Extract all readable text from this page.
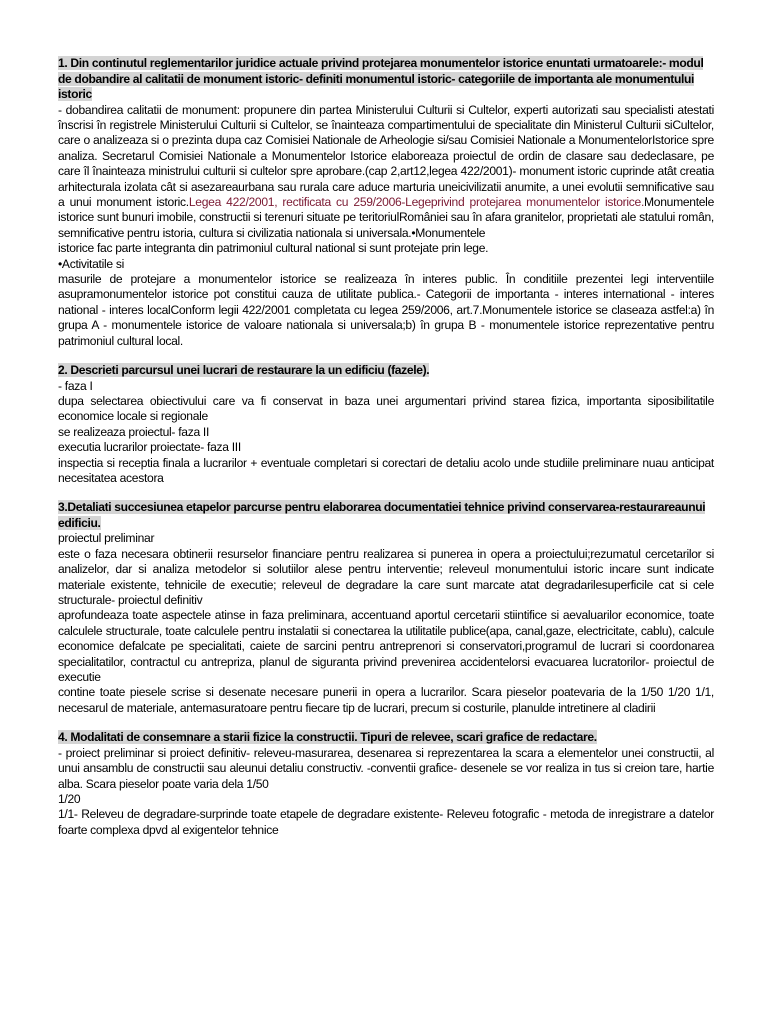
1. Din continutul reglementarilor juridice actuale privind protejarea monumentelor istorice enuntati urmatoarele:- modul de dobandire al calitatii de monument istoric- definiti monumentul istoric- categoriile de importanta ale monumentului istoric

- dobandirea calitatii de monument: propunere din partea Ministerului Culturii si Cultelor, experti autorizati sau specialisti atestati înscrisi în registrele Ministerului Culturii si Cultelor, se înainteaza compartimentului de specialitate din Ministerul Culturii siCultelor, care o analizeaza si o prezinta dupa caz Comisiei Nationale de Arheologie si/sau Comisiei Nationale a MonumentelorIstorice spre analiza. Secretarul Comisiei Nationale a Monumentelor Istorice elaboreaza proiectul de ordin de clasare sau dedeclasare, pe care îl înainteaza ministrului culturii si cultelor spre aprobare.(cap 2,art12,legea 422/2001)- monument istoric cuprinde atât creatia arhitecturala izolata cât si asezareaurbana sau rurala care aduce marturia uneicivilizatii anumite, a unei evolutii semnificative sau a unui monument istoric.Legea 422/2001, rectificata cu 259/2006-Legeprivind protejarea monumentelor istorice.Monumentele istorice sunt bunuri imobile, constructii si terenuri situate pe teritoriulRomâniei sau în afara granitelor, proprietati ale statului român, semnificative pentru istoria, cultura si civilizatia nationala si universala.•Monumentele

istorice fac parte integranta din patrimoniul cultural national si sunt protejate prin lege.

•Activitatile si

masurile de protejare a monumentelor istorice se realizeaza în interes public. În conditiile prezentei legi interventiile asupramonumentelor istorice pot constitui cauza de utilitate publica.- Categorii de importanta - interes international - interes national - interes localConform legii 422/2001 completata cu legea 259/2006, art.7.Monumentele istorice se claseaza astfel:a) în grupa A - monumentele istorice de valoare nationala si universala;b) în grupa B - monumentele istorice reprezentative pentru patrimoniul cultural local.

2. Descrieti parcursul unei lucrari de restaurare la un edificiu (fazele).

- faza I

dupa selectarea obiectivului care va fi conservat in baza unei argumentari privind starea fizica, importanta siposibilitatile economice locale si regionale

se realizeaza proiectul- faza II

executia lucrarilor proiectate- faza III

inspectia si receptia finala a lucrarilor + eventuale completari si corectari de detaliu acolo unde studiile preliminare nuau anticipat necesitatea acestora

3.Detaliati succesiunea etapelor parcurse pentru elaborarea documentatiei tehnice privind conservarea-restaurareaunui edificiu.

proiectul preliminar

este o faza necesara obtinerii resurselor financiare pentru realizarea si punerea in opera a proiectului;rezumatul cercetarilor si analizelor, dar si analiza metodelor si solutiilor alese pentru interventie; releveul monumentului istoric incare sunt indicate materiale existente, tehnicile de executie; releveul de degradare la care sunt marcate atat degradarilesuperficile cat si cele structurale- proiectul definitiv

aprofundeaza toate aspectele atinse in faza preliminara, accentuand aportul cercetarii stiintifice si aevaluarilor economice, toate calculele structurale, toate calculele pentru instalatii si conectarea la utilitatile publice(apa, canal,gaze, electricitate, cablu), calcule economice defalcate pe specialitati, caiete de sarcini pentru antreprenori si conservatori,programul de lucrari si coordonarea specialitatilor, contractul cu antrepriza, planul de siguranta privind prevenirea accidentelorsi evacuarea lucratorilor- proiectul de executie

contine toate piesele scrise si desenate necesare punerii in opera a lucrarilor. Scara pieselor poatevaria de la 1/50 1/20 1/1, necesarul de materiale, antemasuratoare pentru fiecare tip de lucrari, precum si costurile, planulde intretinere al cladirii

4. Modalitati de consemnare a starii fizice la constructii. Tipuri de relevee, scari grafice de redactare.

- proiect preliminar si proiect definitiv- releveu-masurarea, desenarea si reprezentarea la scara a elementelor unei constructii, al unui ansamblu de constructii sau aleunui detaliu constructiv. -conventii grafice- desenele se vor realiza in tus si creion tare, hartie alba. Scara pieselor poate varia dela 1/50

1/20

1/1- Releveu de degradare-surprinde toate etapele de degradare existente- Releveu fotografic - metoda de inregistrare a datelor foarte complexa dpvd al exigentelor tehnice
